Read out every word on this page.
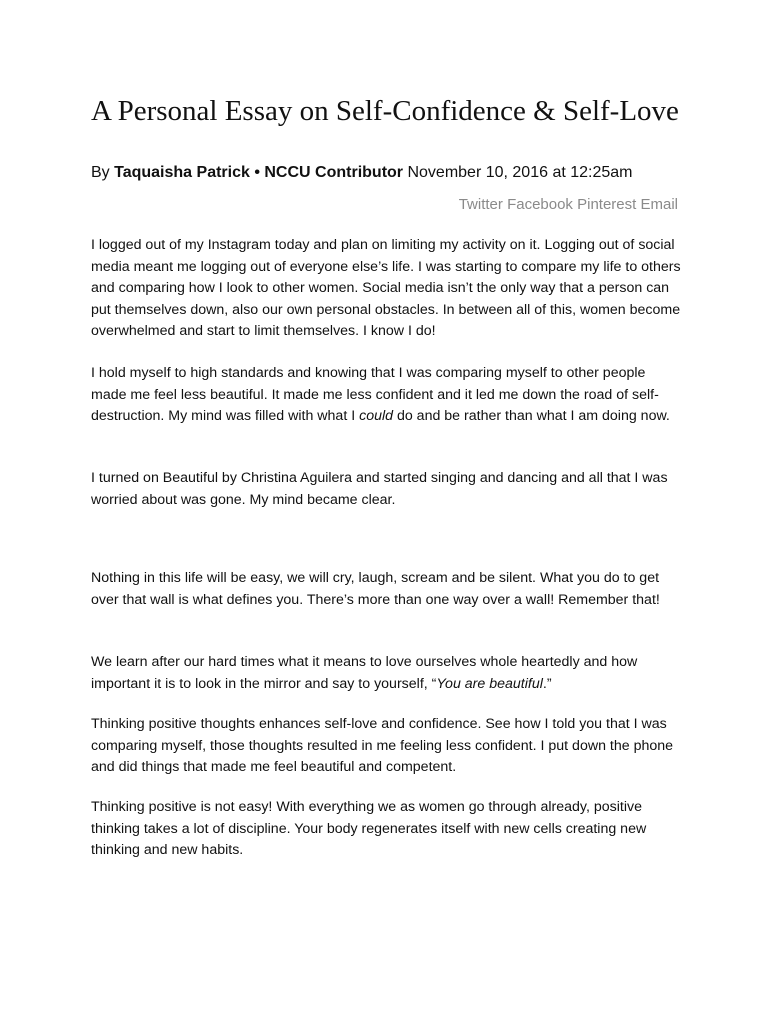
A Personal Essay on Self-Confidence & Self-Love
By Taquaisha Patrick • NCCU Contributor November 10, 2016 at 12:25am
Twitter Facebook Pinterest Email

I logged out of my Instagram today and plan on limiting my activity on it. Logging out of social media meant me logging out of everyone else’s life. I was starting to compare my life to others and comparing how I look to other women. Social media isn’t the only way that a person can put themselves down, also our own personal obstacles. In between all of this, women become overwhelmed and start to limit themselves. I know I do!

I hold myself to high standards and knowing that I was comparing myself to other people made me feel less beautiful. It made me less confident and it led me down the road of self-destruction. My mind was filled with what I could do and be rather than what I am doing now.

I turned on Beautiful by Christina Aguilera and started singing and dancing and all that I was worried about was gone. My mind became clear.

Nothing in this life will be easy, we will cry, laugh, scream and be silent. What you do to get over that wall is what defines you. There’s more than one way over a wall! Remember that!

We learn after our hard times what it means to love ourselves whole heartedly and how important it is to look in the mirror and say to yourself, “You are beautiful.”

Thinking positive thoughts enhances self-love and confidence. See how I told you that I was comparing myself, those thoughts resulted in me feeling less confident. I put down the phone and did things that made me feel beautiful and competent.

Thinking positive is not easy! With everything we as women go through already, positive thinking takes a lot of discipline. Your body regenerates itself with new cells creating new thinking and new habits.
